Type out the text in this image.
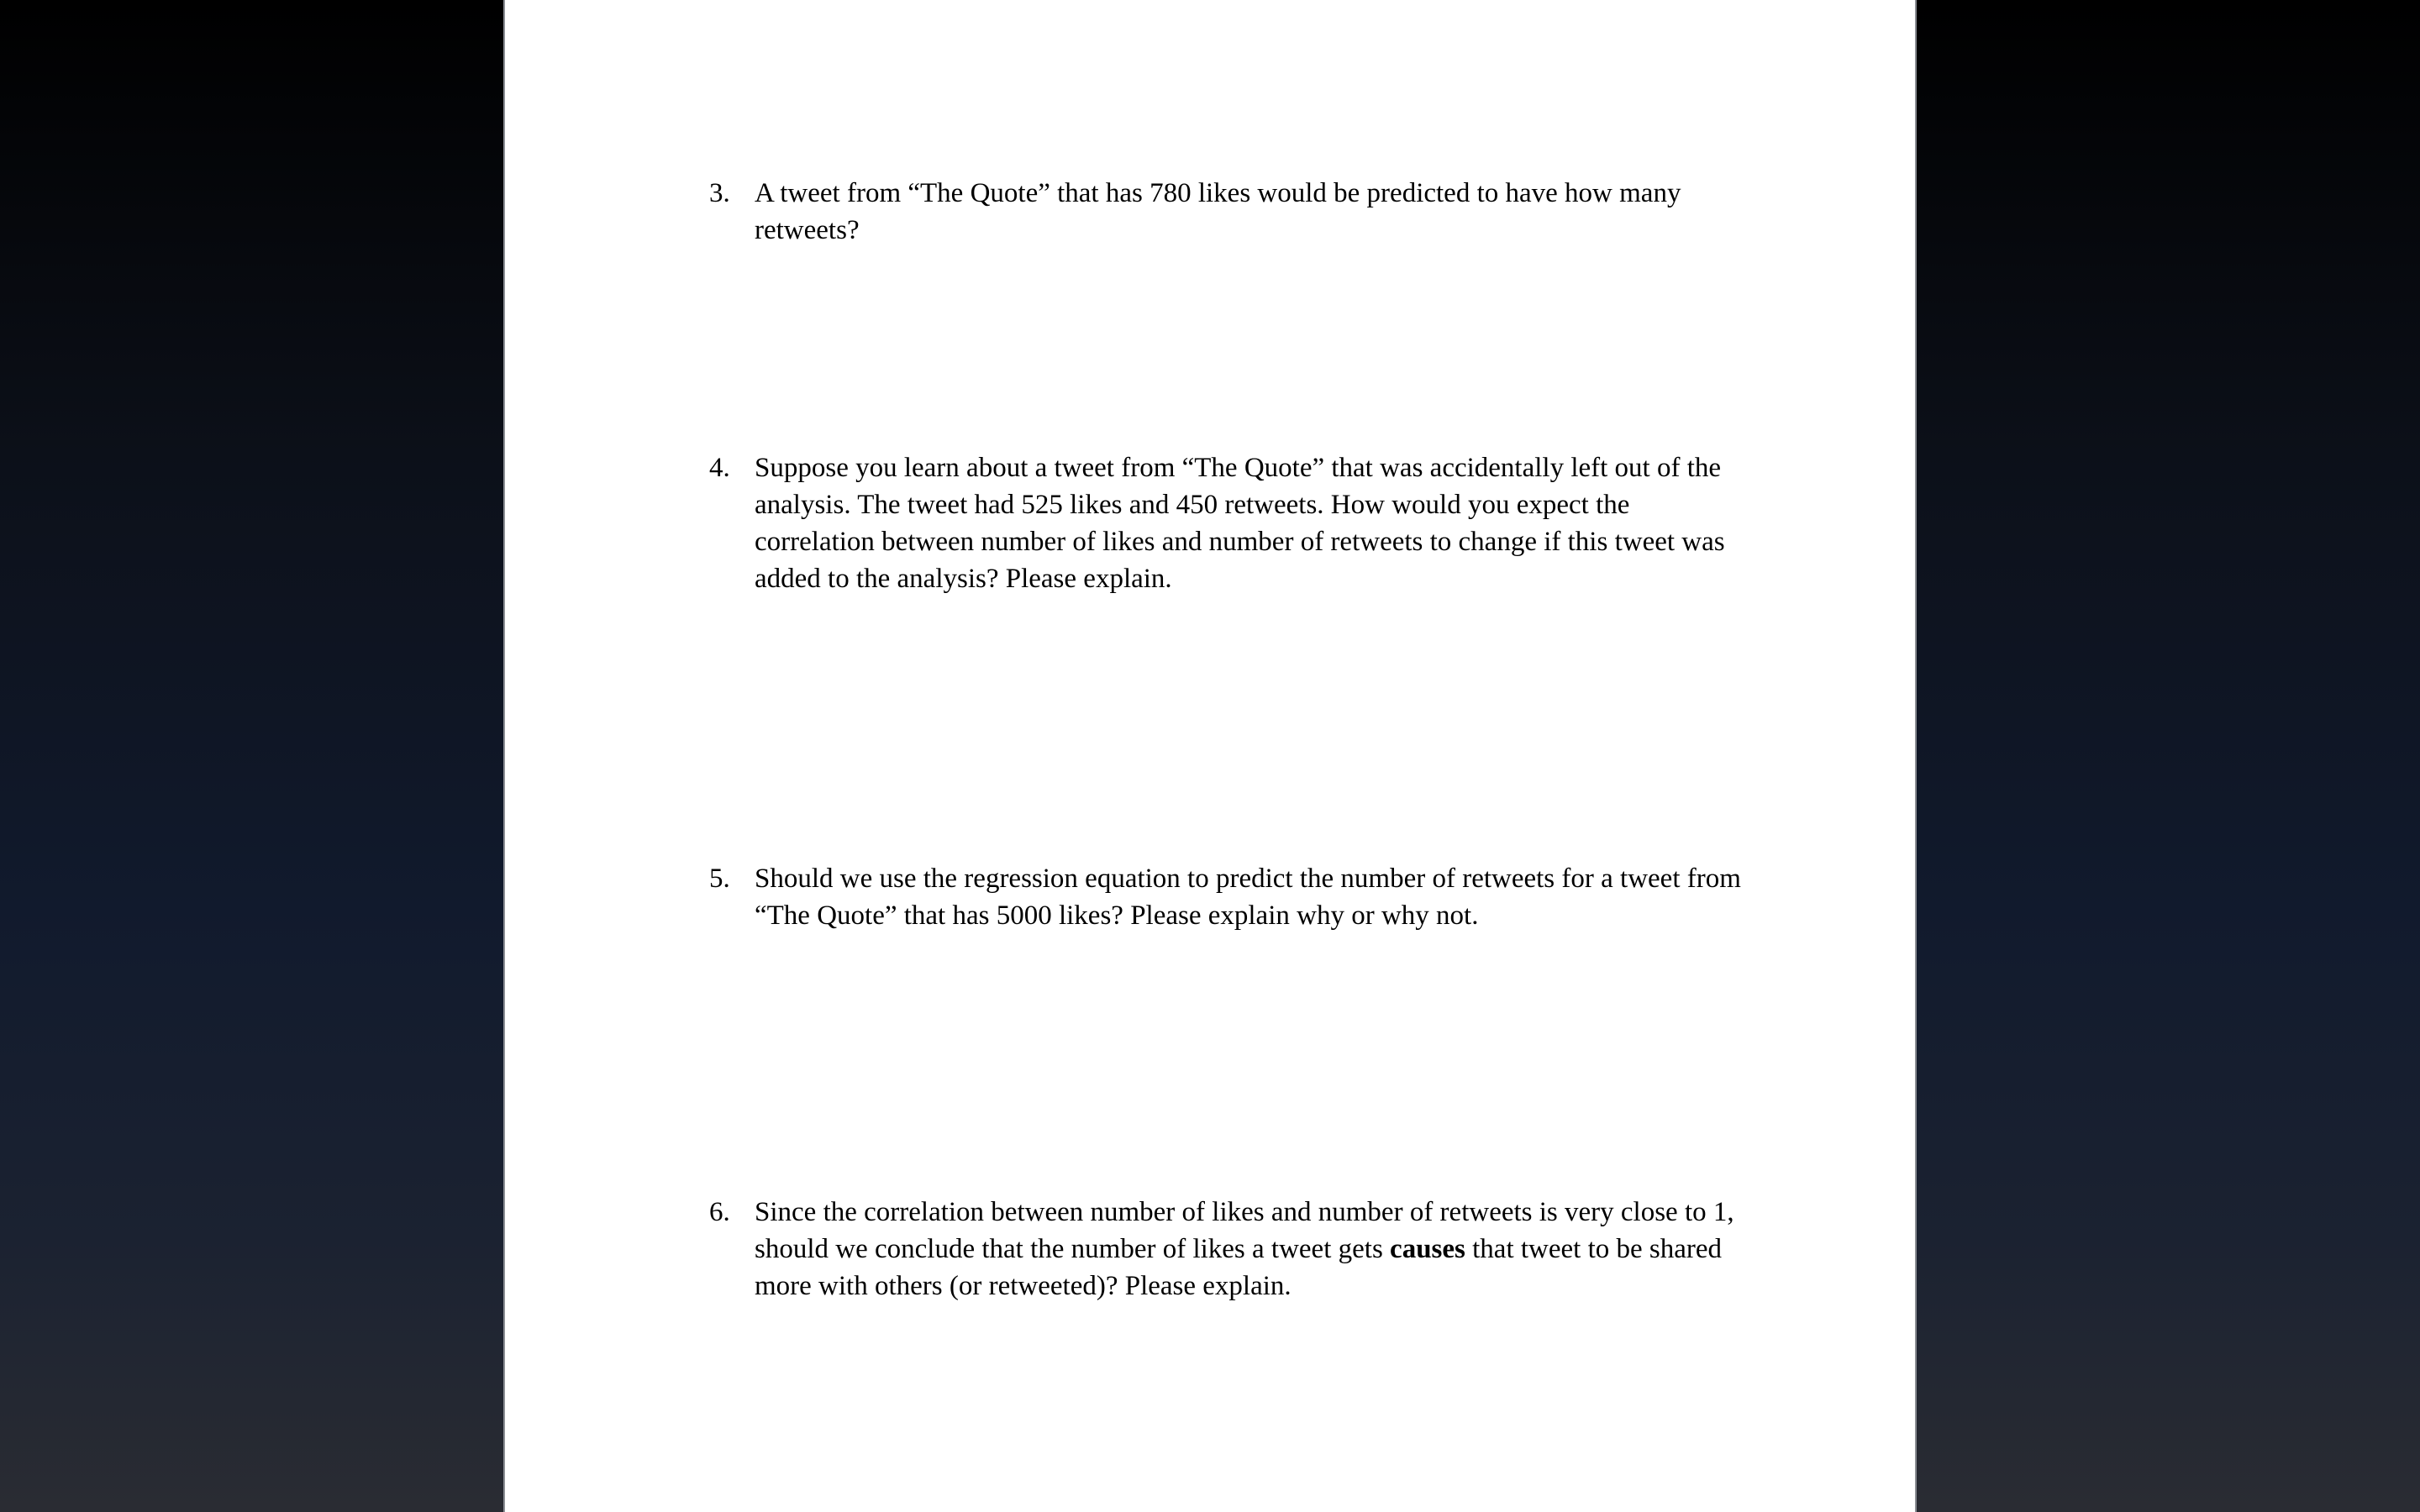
3. A tweet from “The Quote” that has 780 likes would be predicted to have how many retweets?
4. Suppose you learn about a tweet from “The Quote” that was accidentally left out of the analysis. The tweet had 525 likes and 450 retweets. How would you expect the correlation between number of likes and number of retweets to change if this tweet was added to the analysis? Please explain.
5. Should we use the regression equation to predict the number of retweets for a tweet from “The Quote” that has 5000 likes? Please explain why or why not.
6. Since the correlation between number of likes and number of retweets is very close to 1, should we conclude that the number of likes a tweet gets causes that tweet to be shared more with others (or retweeted)? Please explain.
